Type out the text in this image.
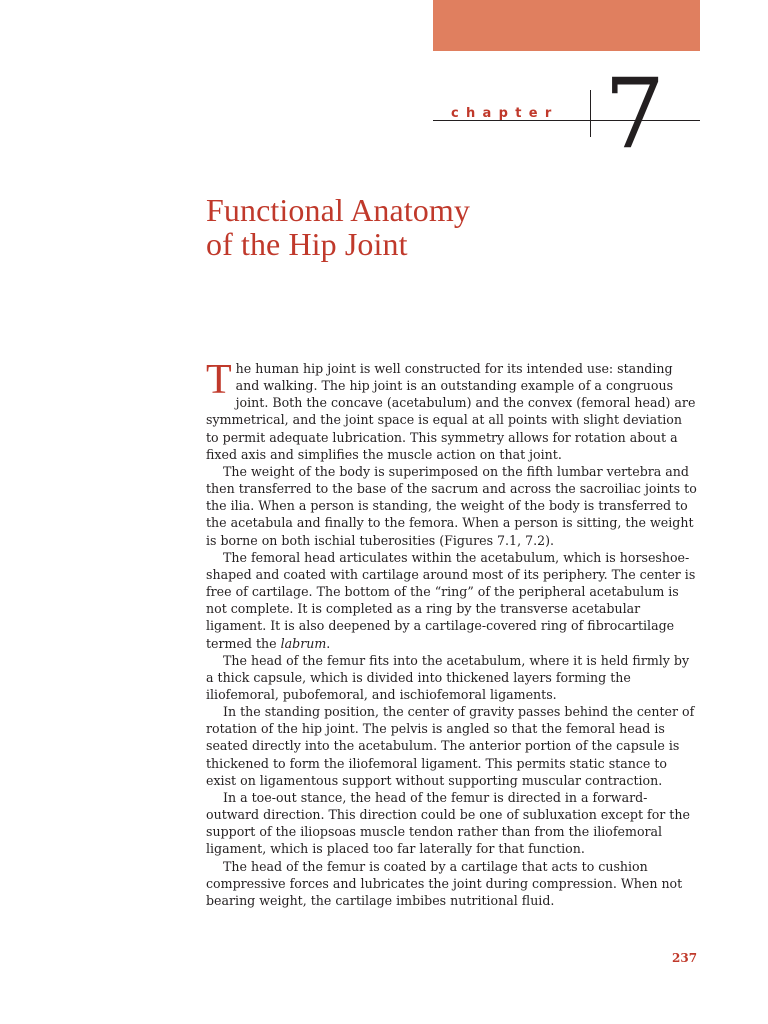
chapter 7
Functional Anatomy
of the Hip Joint

The human hip joint is well constructed for its intended use: standing and walking. The hip joint is an outstanding example of a congruous joint. Both the concave (acetabulum) and the convex (femoral head) are symmetrical, and the joint space is equal at all points with slight deviation to permit adequate lubrication. This symmetry allows for rotation about a fixed axis and simplifies the muscle action on that joint.

The weight of the body is superimposed on the fifth lumbar vertebra and then transferred to the base of the sacrum and across the sacroiliac joints to the ilia. When a person is standing, the weight of the body is transferred to the acetabula and finally to the femora. When a person is sitting, the weight is borne on both ischial tuberosities (Figures 7.1, 7.2).

The femoral head articulates within the acetabulum, which is horseshoe-shaped and coated with cartilage around most of its periphery. The center is free of cartilage. The bottom of the “ring” of the peripheral acetabulum is not complete. It is completed as a ring by the transverse acetabular ligament. It is also deepened by a cartilage-covered ring of fibrocartilage termed the labrum.

The head of the femur fits into the acetabulum, where it is held firmly by a thick capsule, which is divided into thickened layers forming the iliofemoral, pubofemoral, and ischiofemoral ligaments.

In the standing position, the center of gravity passes behind the center of rotation of the hip joint. The pelvis is angled so that the femoral head is seated directly into the acetabulum. The anterior portion of the capsule is thickened to form the iliofemoral ligament. This permits static stance to exist on ligamentous support without supporting muscular contraction.

In a toe-out stance, the head of the femur is directed in a forward-outward direction. This direction could be one of subluxation except for the support of the iliopsoas muscle tendon rather than from the iliofemoral ligament, which is placed too far laterally for that function.

The head of the femur is coated by a cartilage that acts to cushion compressive forces and lubricates the joint during compression. When not bearing weight, the cartilage imbibes nutritional fluid.

237
